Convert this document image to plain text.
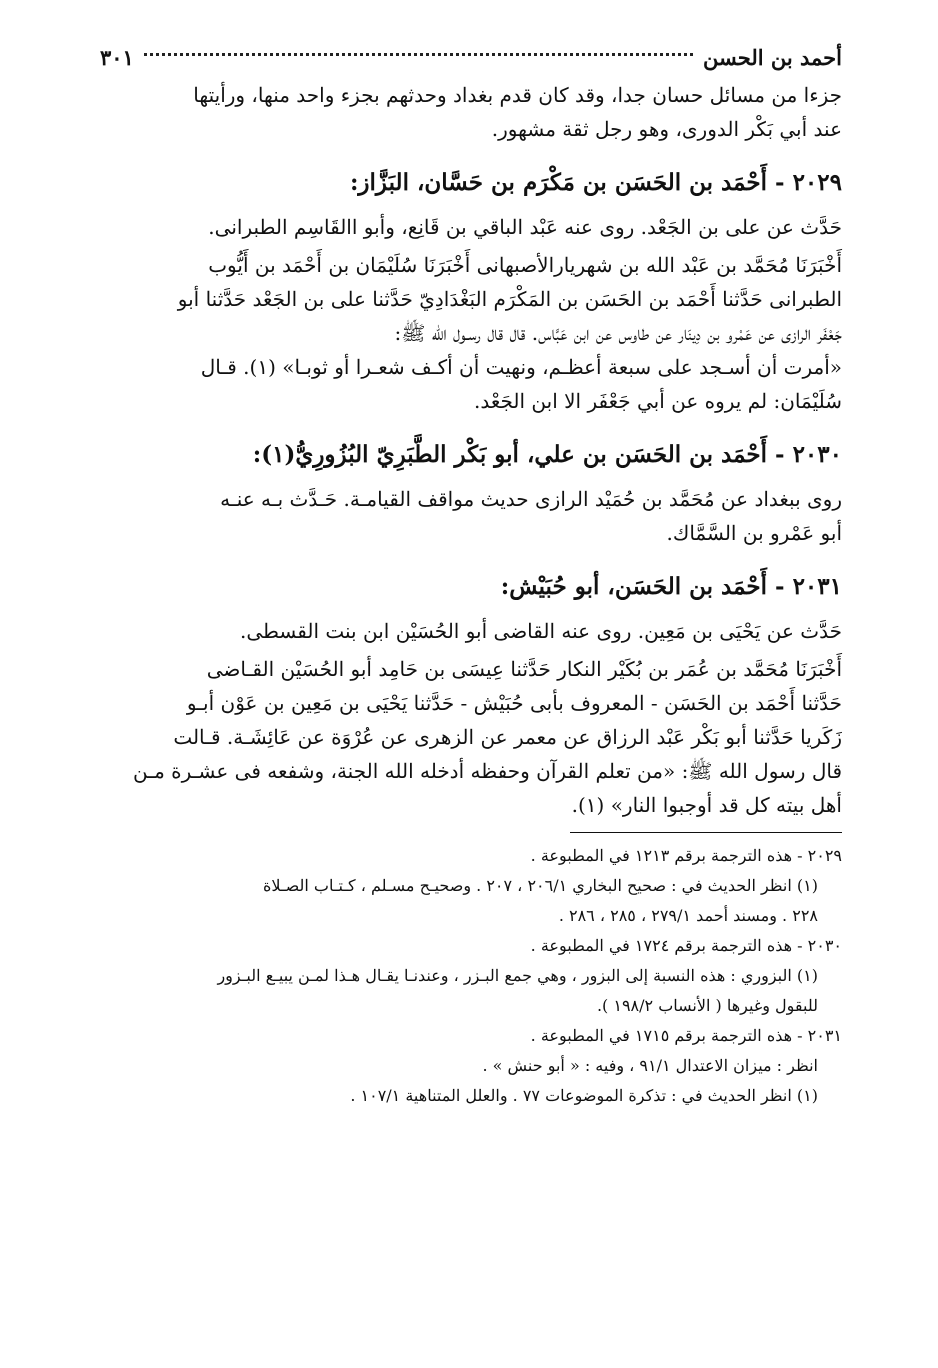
أحمد بن الحسن
٣٠١

جزءا من مسائل حسان جدا، وقد كان قدم بغداد وحدثهم بجزء واحد منها، ورأيتها

عند أبي بَكْر الدورى، وهو رجل ثقة مشهور.

٢٠٢٩ - أَحْمَد بن الحَسَن بن مَكْرَم بن حَسَّان، البَزَّاز:

حَدَّث عن على بن الجَعْد. روى عنه عَبْد الباقي بن قَانِع، وأبو االقَاسِم الطبرانى.

أَخْبَرَنَا مُحَمَّد بن عَبْد الله بن شهريارالأصبهانى أَخْبَرَنَا سُلَيْمَان بن أَحْمَد بن أَيُّوب

الطبرانى حَدَّثنا أَحْمَد بن الحَسَن بن المَكْرَم البَغْدَادِيّ حَدَّثنا على بن الجَعْد حَدَّثنا أبو

جَعْفَر الرازى عن عَمْرو بن دِينَار عن طاوس عن ابن عَبَّاس. قال قال رسـول الله ﷺ:

«أمرت أن أسـجد على سبعة أعظـم، ونهيت أن أكـف شعـرا أو ثوبـا» (١). قـال

سُلَيْمَان: لم يروه عن أبي جَعْفَر الا ابن الجَعْد.

٢٠٣٠ - أَحْمَد بن الحَسَن بن علي، أبو بَكْر الطَّبَرِيّ البُزُورِيُّ(١):

روى ببغداد عن مُحَمَّد بن حُمَيْد الرازى حديث مواقف القيامـة. حَـدَّث بـه عنـه

أبو عَمْرو بن السَّمَّاك.

٢٠٣١ - أَحْمَد بن الحَسَن، أبو حُبَيْش:

حَدَّث عن يَحْيَى بن مَعِين. روى عنه القاضى أبو الحُسَيْن ابن بنت القسطى.

أَخْبَرَنَا مُحَمَّد بن عُمَر بن بُكَيْر النكار حَدَّثنا عِيسَى بن حَامِد أبو الحُسَيْن القـاضى

حَدَّثنا أَحْمَد بن الحَسَن - المعروف بأبى حُبَيْش - حَدَّثنا يَحْيَى بن مَعِين بن عَوْن أبـو

زَكَريا حَدَّثنا أبو بَكْر عَبْد الرزاق عن معمر عن الزهرى عن عُرْوَة عن عَائِشَـة. قـالت

قال رسول الله ﷺ: «من تعلم القرآن وحفظه أدخله الله الجنة، وشفعه فى عشـرة مـن

أهل بيته كل قد أوجبوا النار» (١).

٢٠٢٩ - هذه الترجمة برقم ١٢١٣ في المطبوعة .

(١) انظر الحديث في : صحيح البخاري ٢٠٦/١ ، ٢٠٧ . وصحيـح مسـلم ، كـتـاب الصـلاة

٢٢٨ . ومسند أحمد ٢٧٩/١ ، ٢٨٥ ، ٢٨٦ .

٢٠٣٠ - هذه الترجمة برقم ١٧٢٤ في المطبوعة .

(١) البزوري : هذه النسبة إلى البزور ، وهي جمع البـزر ، وعندنـا يقـال هـذا لمـن يبيـع البـزور

للبقول وغيرها ( الأنساب ١٩٨/٢ ).

٢٠٣١ - هذه الترجمة برقم ١٧١٥ في المطبوعة .

انظر : ميزان الاعتدال ٩١/١ ، وفيه : « أبو حنش » .

(١) انظر الحديث في : تذكرة الموضوعات ٧٧ . والعلل المتناهية ١٠٧/١ .
